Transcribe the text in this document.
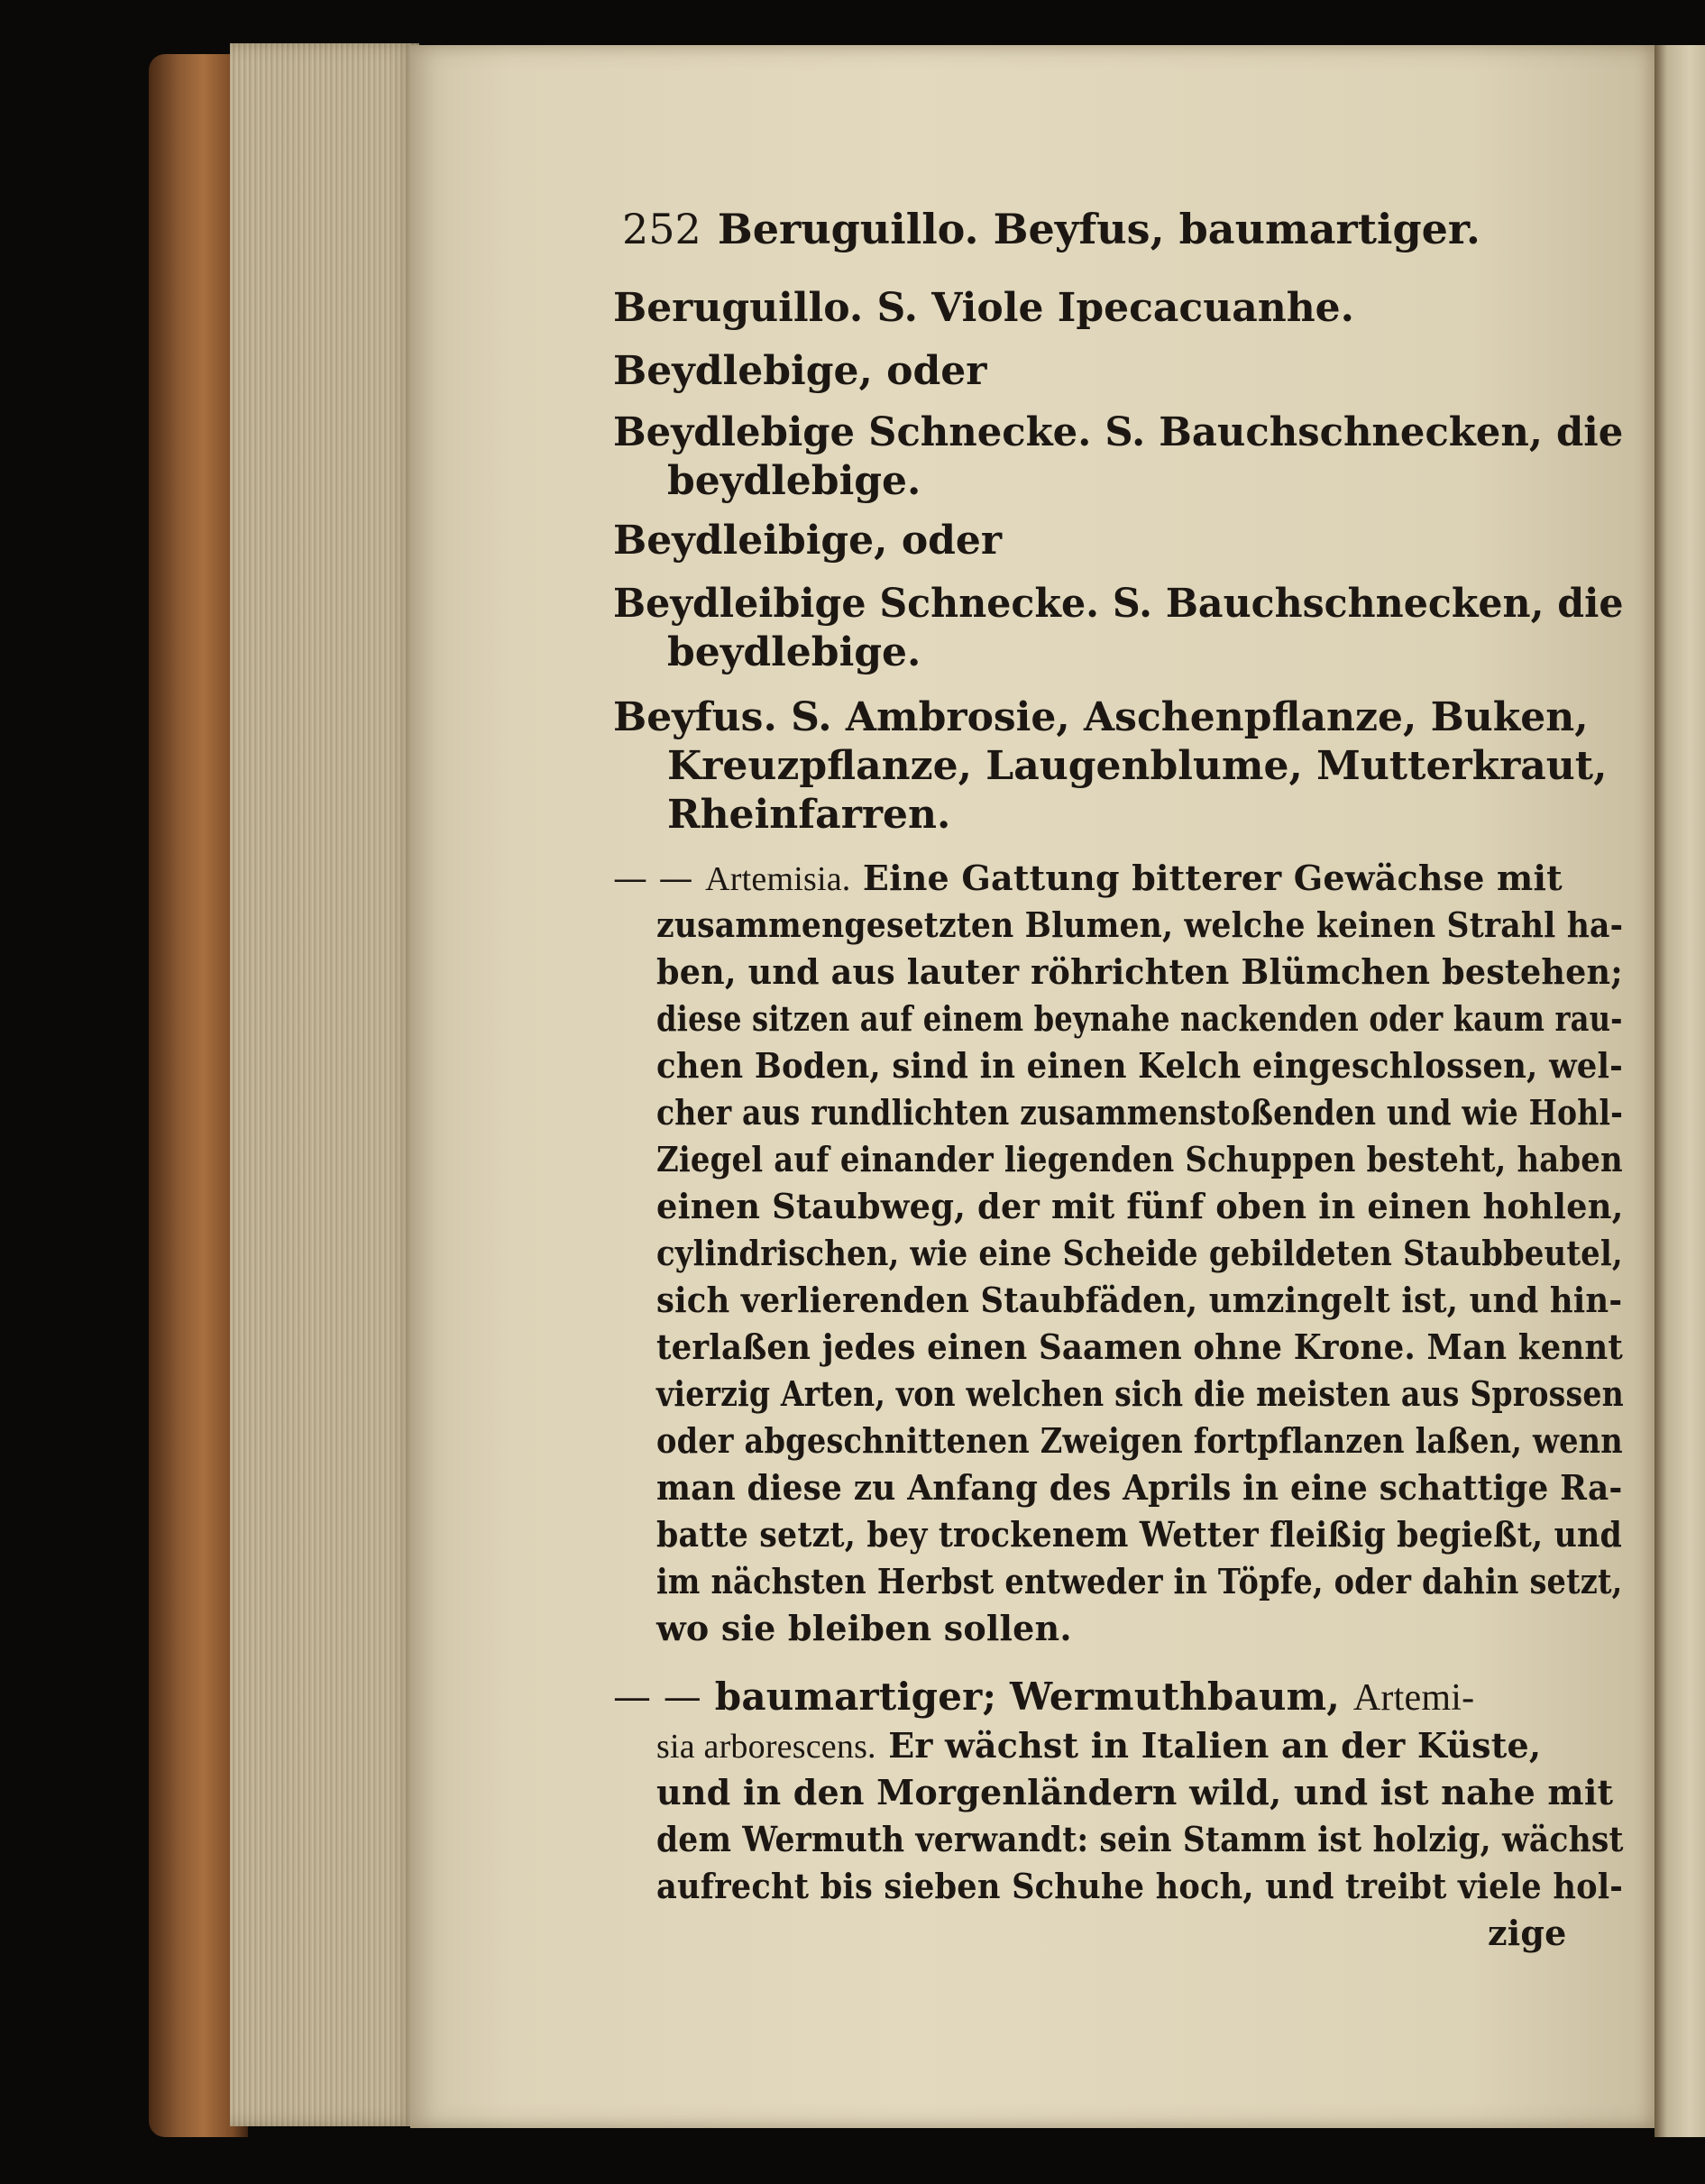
252 Beruguillo. Beyfus, baumartiger.
Beruguillo. S. Viole Ipecacuanhe.
Beydlebige, oder
Beydlebige Schnecke. S. Bauchschnecken, die
beydlebige.
Beydleibige, oder
Beydleibige Schnecke. S. Bauchschnecken, die
beydlebige.
Beyfus. S. Ambrosie, Aschenpflanze, Buken,
Kreuzpflanze, Laugenblume, Mutterkraut,
Rheinfarren.
— — Artemisia. Eine Gattung bitterer Gewächse mit
zusammengesetzten Blumen, welche keinen Strahl ha-
ben, und aus lauter röhrichten Blümchen bestehen;
diese sitzen auf einem beynahe nackenden oder kaum rau-
chen Boden, sind in einen Kelch eingeschlossen, wel-
cher aus rundlichten zusammenstoßenden und wie Hohl-
Ziegel auf einander liegenden Schuppen besteht, haben
einen Staubweg, der mit fünf oben in einen hohlen,
cylindrischen, wie eine Scheide gebildeten Staubbeutel,
sich verlierenden Staubfäden, umzingelt ist, und hin-
terlaßen jedes einen Saamen ohne Krone. Man kennt
vierzig Arten, von welchen sich die meisten aus Sprossen
oder abgeschnittenen Zweigen fortpflanzen laßen, wenn
man diese zu Anfang des Aprils in eine schattige Ra-
batte setzt, bey trockenem Wetter fleißig begießt, und
im nächsten Herbst entweder in Töpfe, oder dahin setzt,
wo sie bleiben sollen.
— — baumartiger; Wermuthbaum, Artemi-
sia arborescens. Er wächst in Italien an der Küste,
und in den Morgenländern wild, und ist nahe mit
dem Wermuth verwandt: sein Stamm ist holzig, wächst
aufrecht bis sieben Schuhe hoch, und treibt viele hol-
zige
